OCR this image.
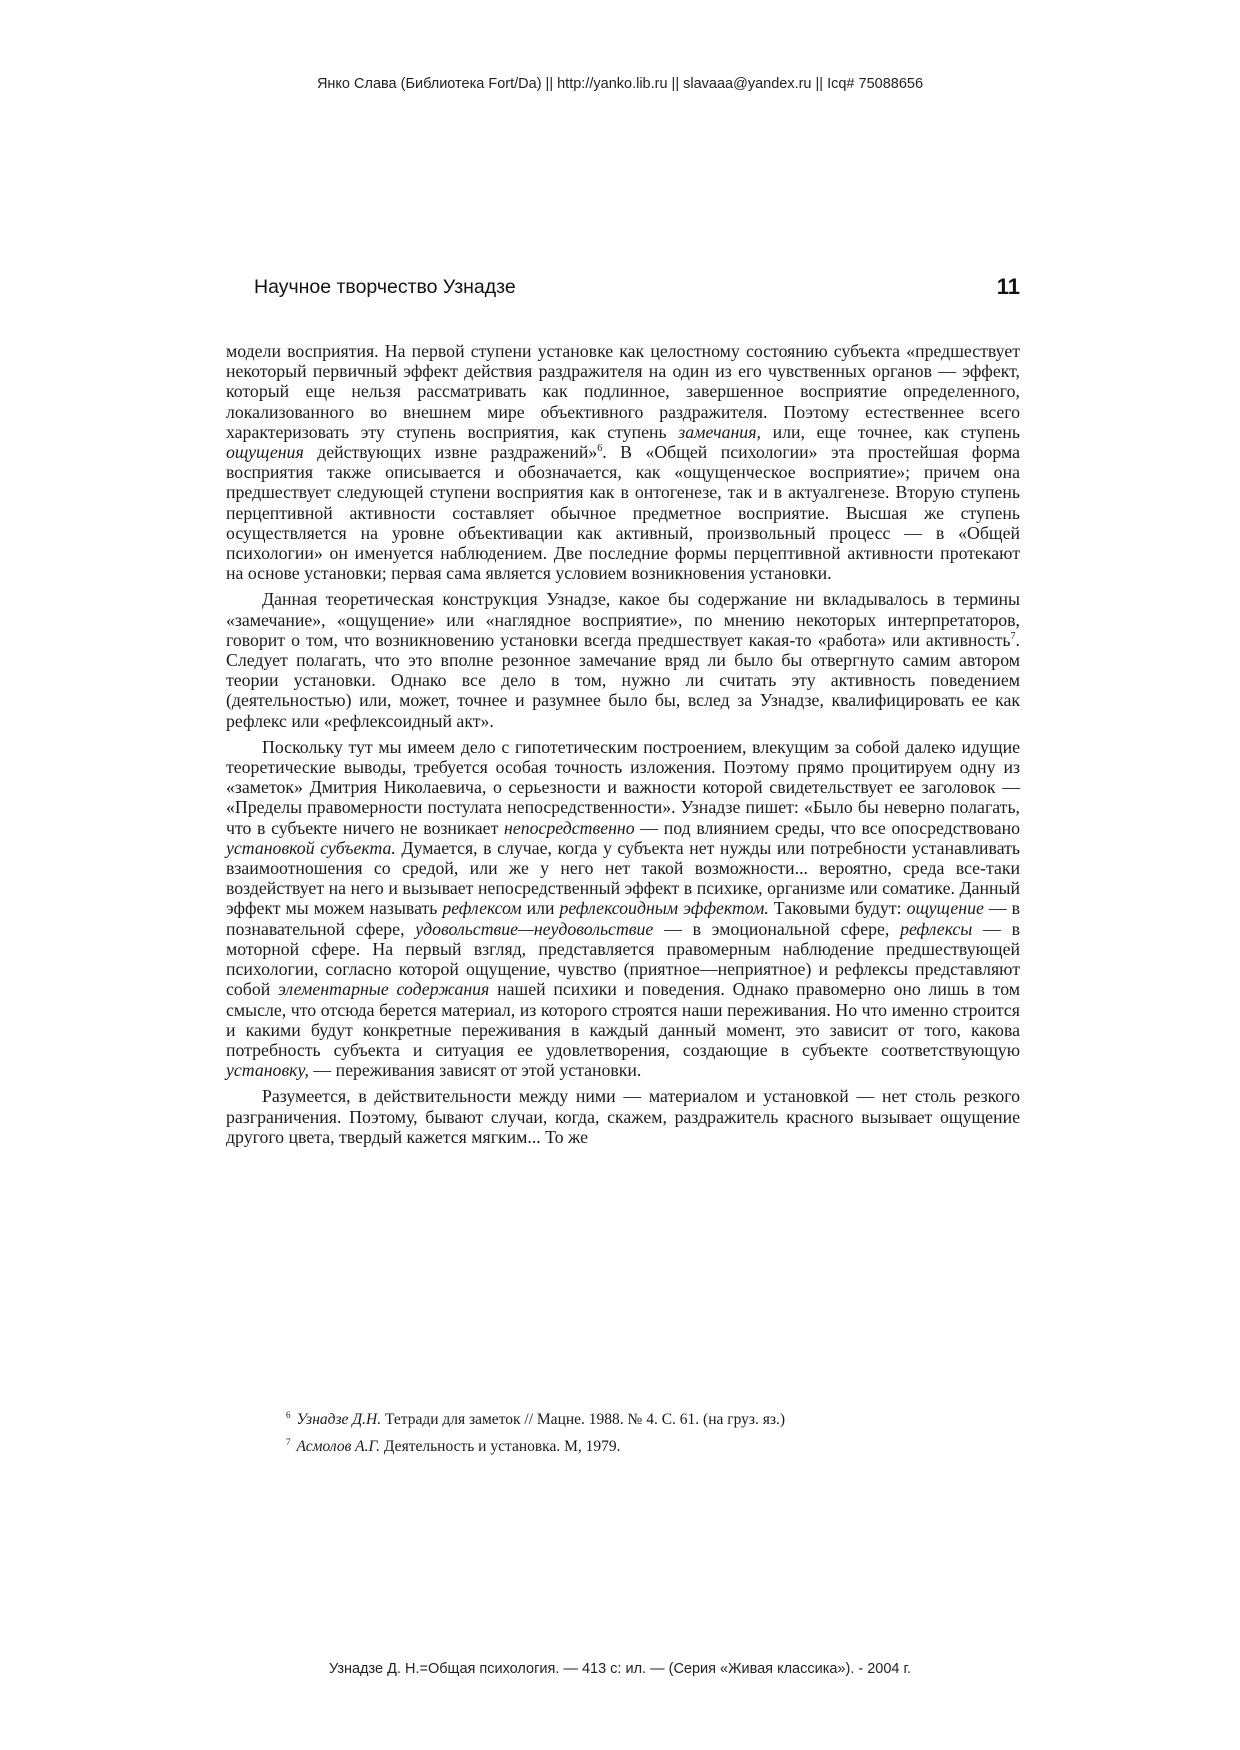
Янко Слава (Библиотека Fort/Da) || http://yanko.lib.ru || slavaaa@yandex.ru || Icq# 75088656
Научное творчество Узнадзе	11

модели восприятия. На первой ступени установке как целостному состоянию субъекта «предшествует некоторый первичный эффект действия раздражителя на один из его чувственных органов — эффект, который еще нельзя рассматривать как подлинное, завершенное восприятие определенного, локализованного во внешнем мире объективного раздражителя. Поэтому естественнее всего характеризовать эту ступень восприятия, как ступень замечания, или, еще точнее, как ступень ощущения действующих извне раздражений»$^6$. В «Общей психологии» эта простейшая форма восприятия также описывается и обозначается, как «ощущенческое восприятие»; причем она предшествует следующей ступени восприятия как в онтогенезе, так и в актуалгенезе. Вторую ступень перцептивной активности составляет обычное предметное восприятие. Высшая же ступень осуществляется на уровне объективации как активный, произвольный процесс — в «Общей психологии» он именуется наблюдением. Две последние формы перцептивной активности протекают на основе установки; первая сама является условием возникновения установки.

Данная теоретическая конструкция Узнадзе, какое бы содержание ни вкладывалось в термины «замечание», «ощущение» или «наглядное восприятие», по мнению некоторых интерпретаторов, говорит о том, что возникновению установки всегда предшествует какая-то «работа» или активность$^7$. Следует полагать, что это вполне резонное замечание вряд ли было бы отвергнуто самим автором теории установки. Однако все дело в том, нужно ли считать эту активность поведением (деятельностью) или, может, точнее и разумнее было бы, вслед за Узнадзе, квалифицировать ее как рефлекс или «рефлексоидный акт».

Поскольку тут мы имеем дело с гипотетическим построением, влекущим за собой далеко идущие теоретические выводы, требуется особая точность изложения. Поэтому прямо процитируем одну из «заметок» Дмитрия Николаевича, о серьезности и важности которой свидетельствует ее заголовок — «Пределы правомерности постулата непосредственности». Узнадзе пишет: «Было бы неверно полагать, что в субъекте ничего не возникает непосредственно — под влиянием среды, что все опосредствовано установкой субъекта. Думается, в случае, когда у субъекта нет нужды или потребности устанавливать взаимоотношения со средой, или же у него нет такой возможности... вероятно, среда все-таки воздействует на него и вызывает непосредственный эффект в психике, организме или соматике. Данный эффект мы можем называть рефлексом или рефлексоидным эффектом. Таковыми будут: ощущение — в познавательной сфере, удовольствие—неудовольствие — в эмоциональной сфере, рефлексы — в моторной сфере. На первый взгляд, представляется правомерным наблюдение предшествующей психологии, согласно которой ощущение, чувство (приятное—неприятное) и рефлексы представляют собой элементарные содержания нашей психики и поведения. Однако правомерно оно лишь в том смысле, что отсюда берется материал, из которого строятся наши переживания. Но что именно строится и какими будут конкретные переживания в каждый данный момент, это зависит от того, какова потребность субъекта и ситуация ее удовлетворения, создающие в субъекте соответствующую установку, — переживания зависят от этой установки.

Разумеется, в действительности между ними — материалом и установкой — нет столь резкого разграничения. Поэтому, бывают случаи, когда, скажем, раздражитель красного вызывает ощущение другого цвета, твердый кажется мягким... То же

$^6$ Узнадзе Д.Н. Тетради для заметок // Мацне. 1988. № 4. С. 61. (на груз. яз.)
$^7$ Асмолов А.Г. Деятельность и установка. М, 1979.
Узнадзе Д. Н.=Общая психология. — 413 с: ил. — (Серия «Живая классика»). - 2004 г.
